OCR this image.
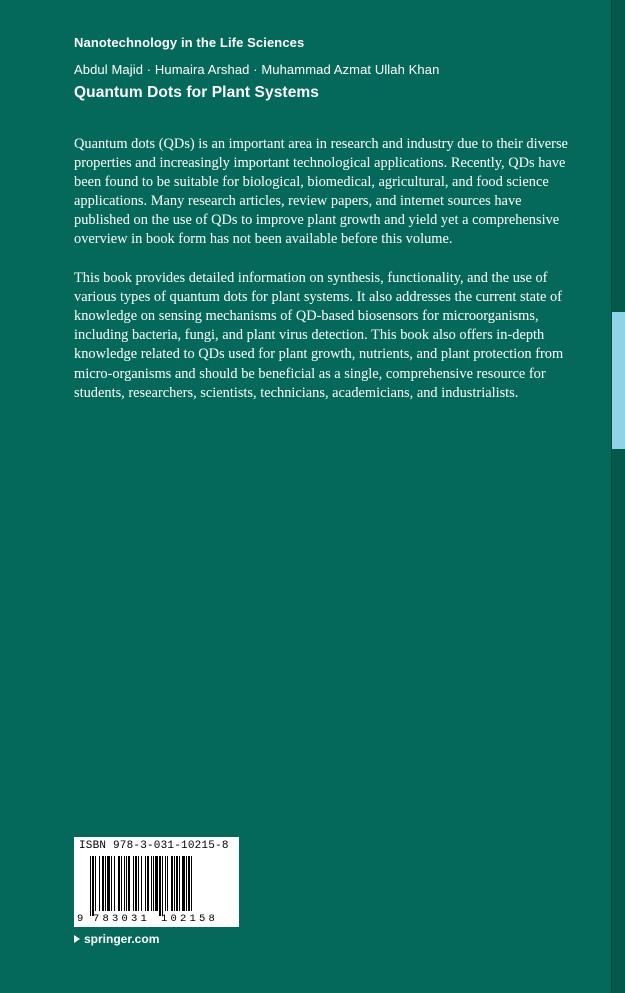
Nanotechnology in the Life Sciences
Abdul Majid · Humaira Arshad · Muhammad Azmat Ullah Khan
Quantum Dots for Plant Systems

Quantum dots (QDs) is an important area in research and industry due to their diverse properties and increasingly important technological applications. Recently, QDs have been found to be suitable for biological, biomedical, agricultural, and food science applications. Many research articles, review papers, and internet sources have published on the use of QDs to improve plant growth and yield yet a comprehensive overview in book form has not been available before this volume.

This book provides detailed information on synthesis, functionality, and the use of various types of quantum dots for plant systems. It also addresses the current state of knowledge on sensing mechanisms of QD-based biosensors for microorganisms, including bacteria, fungi, and plant virus detection. This book also offers in-depth knowledge related to QDs used for plant growth, nutrients, and plant protection from micro-organisms and should be beneficial as a single, comprehensive resource for students, researchers, scientists, technicians, academicians, and industrialists.

ISBN 978-3-031-10215-8
9 783031 102158
springer.com
